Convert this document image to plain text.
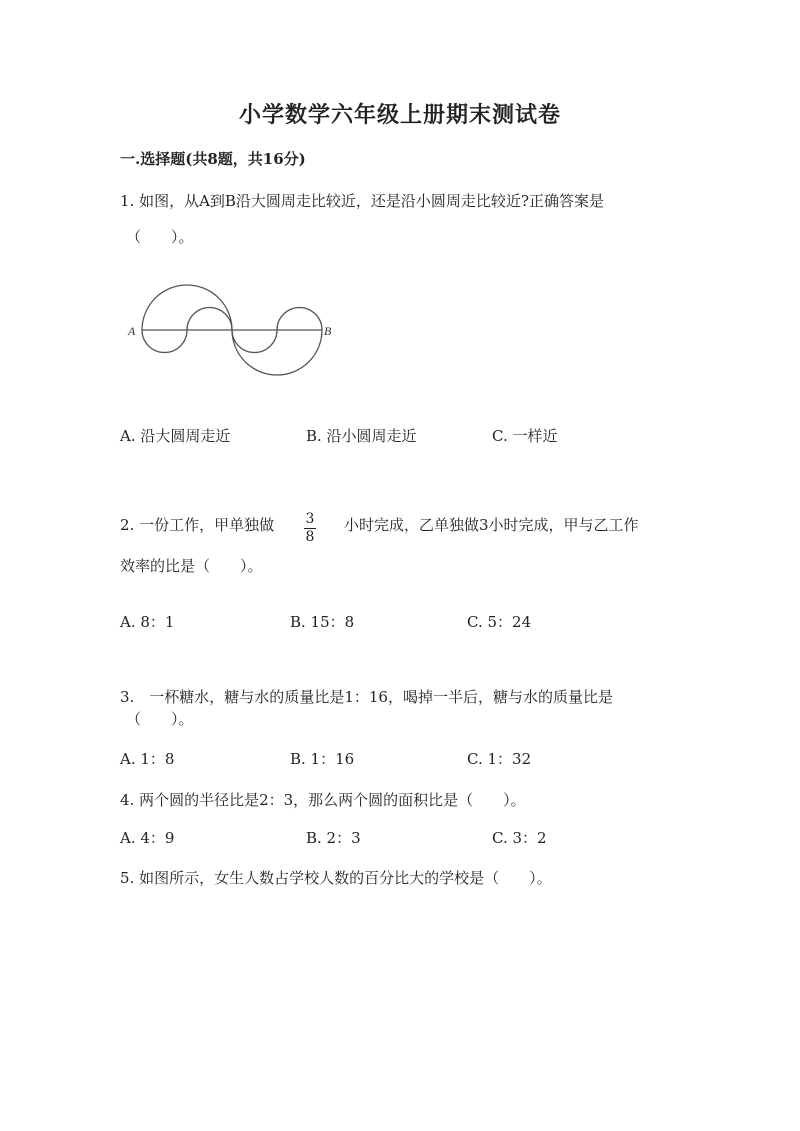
小学数学六年级上册期末测试卷
一.选择题(共8题，共16分)
1. 如图，从A到B沿大圆周走比较近，还是沿小圆周走比较近?正确答案是
（　　）。
A	B
A. 沿大圆周走近	B. 沿小圆周走近	C. 一样近
2. 一份工作，甲单独做 $\frac{3}{8}$ 小时完成，乙单独做3小时完成，甲与乙工作
效率的比是（　　）。
A. 8：1	B. 15：8	C. 5：24
3.　一杯糖水，糖与水的质量比是1：16，喝掉一半后，糖与水的质量比是
（　　）。
A. 1：8	B. 1：16	C. 1：32
4. 两个圆的半径比是2：3，那么两个圆的面积比是（　　）。
A. 4：9	B. 2：3	C. 3：2
5. 如图所示，女生人数占学校人数的百分比大的学校是（　　）。
